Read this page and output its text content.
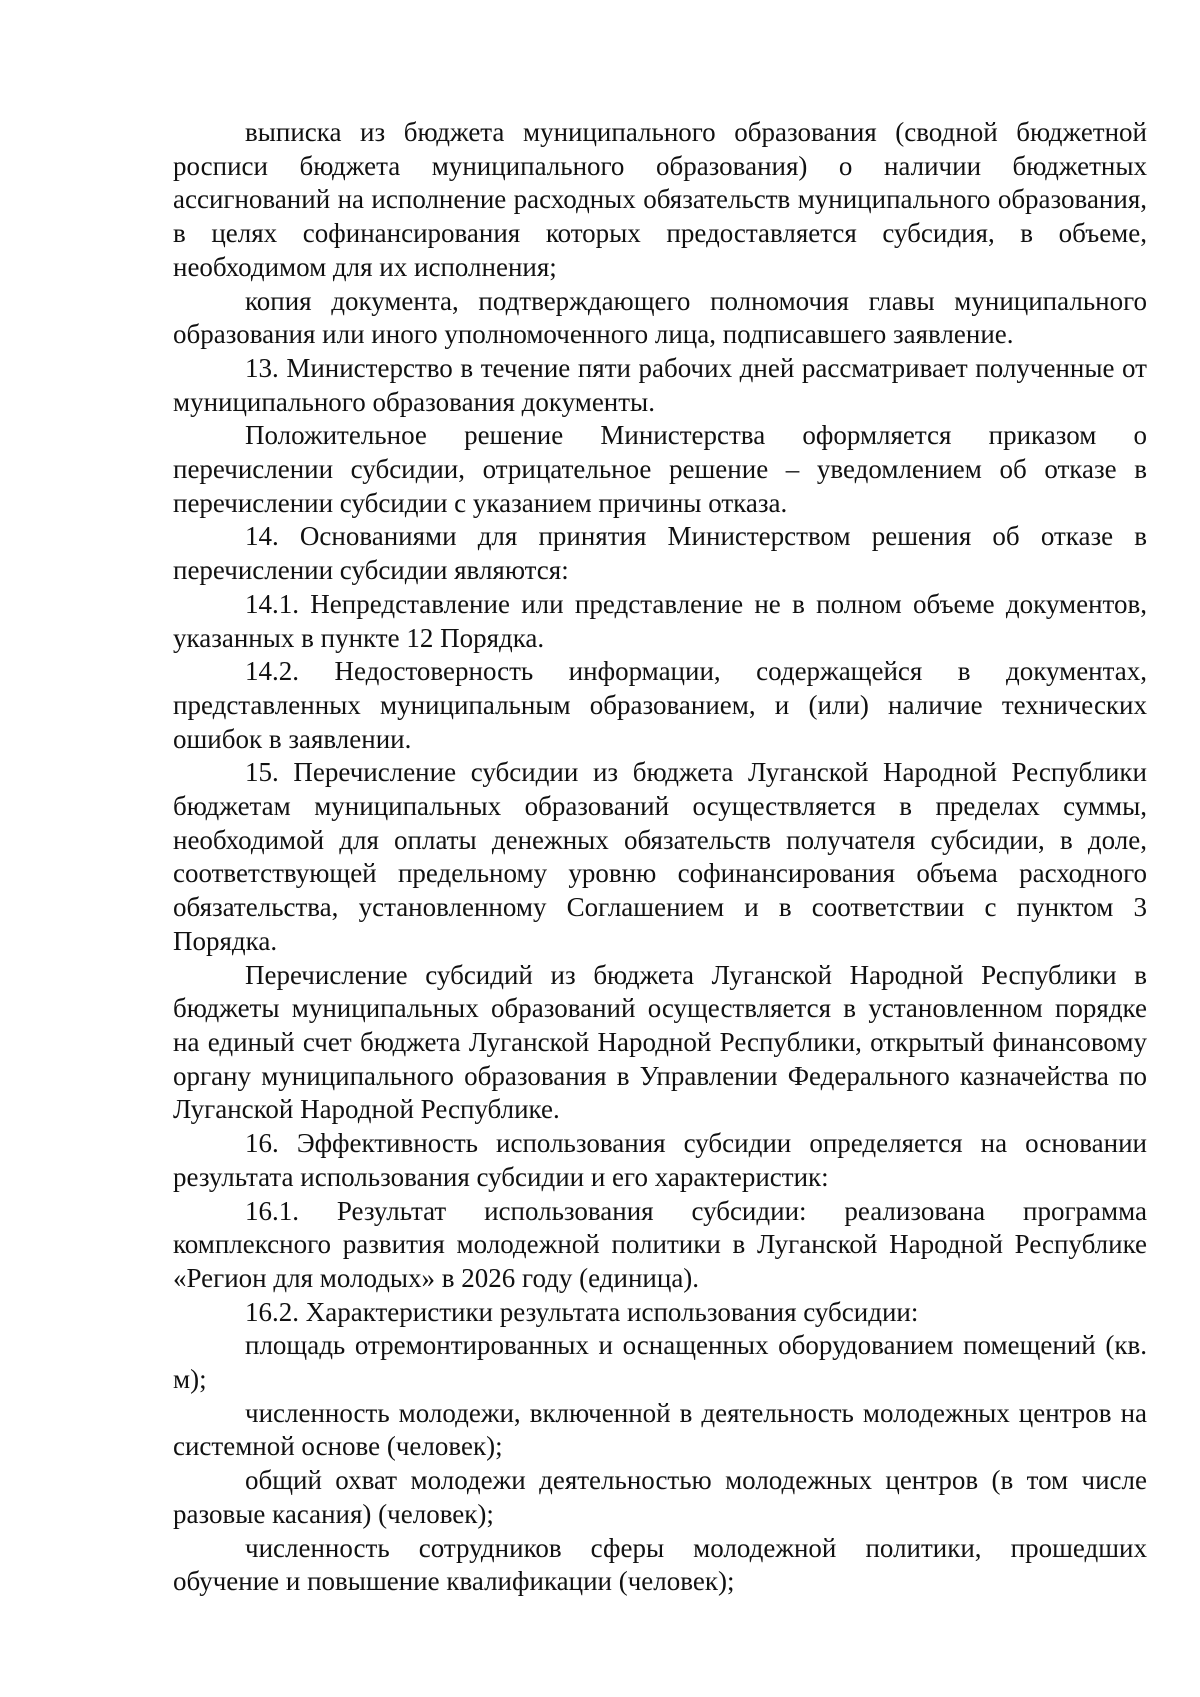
выписка из бюджета муниципального образования (сводной бюджетной росписи бюджета муниципального образования) о наличии бюджетных ассигнований на исполнение расходных обязательств муниципального образования, в целях софинансирования которых предоставляется субсидия, в объеме, необходимом для их исполнения;

копия документа, подтверждающего полномочия главы муниципального образования или иного уполномоченного лица, подписавшего заявление.

13. Министерство в течение пяти рабочих дней рассматривает полученные от муниципального образования документы.

Положительное решение Министерства оформляется приказом о перечислении субсидии, отрицательное решение – уведомлением об отказе в перечислении субсидии с указанием причины отказа.

14. Основаниями для принятия Министерством решения об отказе в перечислении субсидии являются:

14.1. Непредставление или представление не в полном объеме документов, указанных в пункте 12 Порядка.

14.2. Недостоверность информации, содержащейся в документах, представленных муниципальным образованием, и (или) наличие технических ошибок в заявлении.

15. Перечисление субсидии из бюджета Луганской Народной Республики бюджетам муниципальных образований осуществляется в пределах суммы, необходимой для оплаты денежных обязательств получателя субсидии, в доле, соответствующей предельному уровню софинансирования объема расходного обязательства, установленному Соглашением и в соответствии с пунктом 3 Порядка.

Перечисление субсидий из бюджета Луганской Народной Республики в бюджеты муниципальных образований осуществляется в установленном порядке на единый счет бюджета Луганской Народной Республики, открытый финансовому органу муниципального образования в Управлении Федерального казначейства по Луганской Народной Республике.

16. Эффективность использования субсидии определяется на основании результата использования субсидии и его характеристик:

16.1. Результат использования субсидии: реализована программа комплексного развития молодежной политики в Луганской Народной Республике «Регион для молодых» в 2026 году (единица).

16.2. Характеристики результата использования субсидии:

площадь отремонтированных и оснащенных оборудованием помещений (кв. м);

численность молодежи, включенной в деятельность молодежных центров на системной основе (человек);

общий охват молодежи деятельностью молодежных центров (в том числе разовые касания) (человек);

численность сотрудников сферы молодежной политики, прошедших обучение и повышение квалификации (человек);
